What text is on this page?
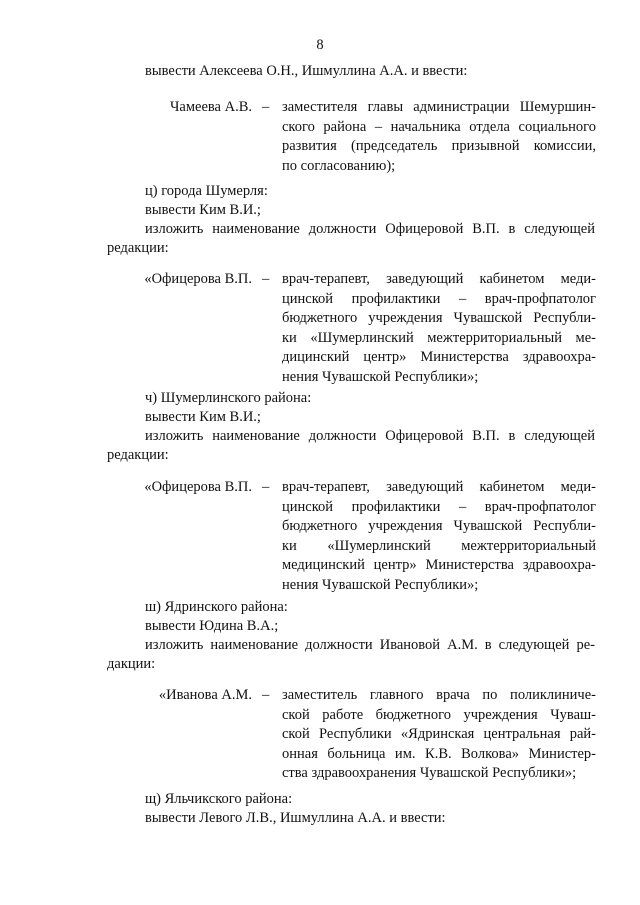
8
вывести Алексеева О.Н., Ишмуллина А.А. и ввести:
Чамеева А.В. – заместителя главы администрации Шемуршин-
ского района – начальника отдела социального
развития (председатель призывной комиссии,
по согласованию);
ц) города Шумерля:
вывести Ким В.И.;
изложить наименование должности Офицеровой В.П. в следующей
редакции:
«Офицерова В.П. – врач-терапевт, заведующий кабинетом меди-
цинской профилактики – врач-профпатолог
бюджетного учреждения Чувашской Республи-
ки «Шумерлинский межтерриториальный ме-
дицинский центр» Министерства здравоохра-
нения Чувашской Республики»;
ч) Шумерлинского района:
вывести Ким В.И.;
изложить наименование должности Офицеровой В.П. в следующей
редакции:
«Офицерова В.П. – врач-терапевт, заведующий кабинетом меди-
цинской профилактики – врач-профпатолог
бюджетного учреждения Чувашской Республи-
ки «Шумерлинский межтерриториальный
медицинский центр» Министерства здравоохра-
нения Чувашской Республики»;
ш) Ядринского района:
вывести Юдина В.А.;
изложить наименование должности Ивановой А.М. в следующей ре-
дакции:
«Иванова А.М. – заместитель главного врача по поликлиниче-
ской работе бюджетного учреждения Чуваш-
ской Республики «Ядринская центральная рай-
онная больница им. К.В. Волкова» Министер-
ства здравоохранения Чувашской Республики»;
щ) Яльчикского района:
вывести Левого Л.В., Ишмуллина А.А. и ввести:
